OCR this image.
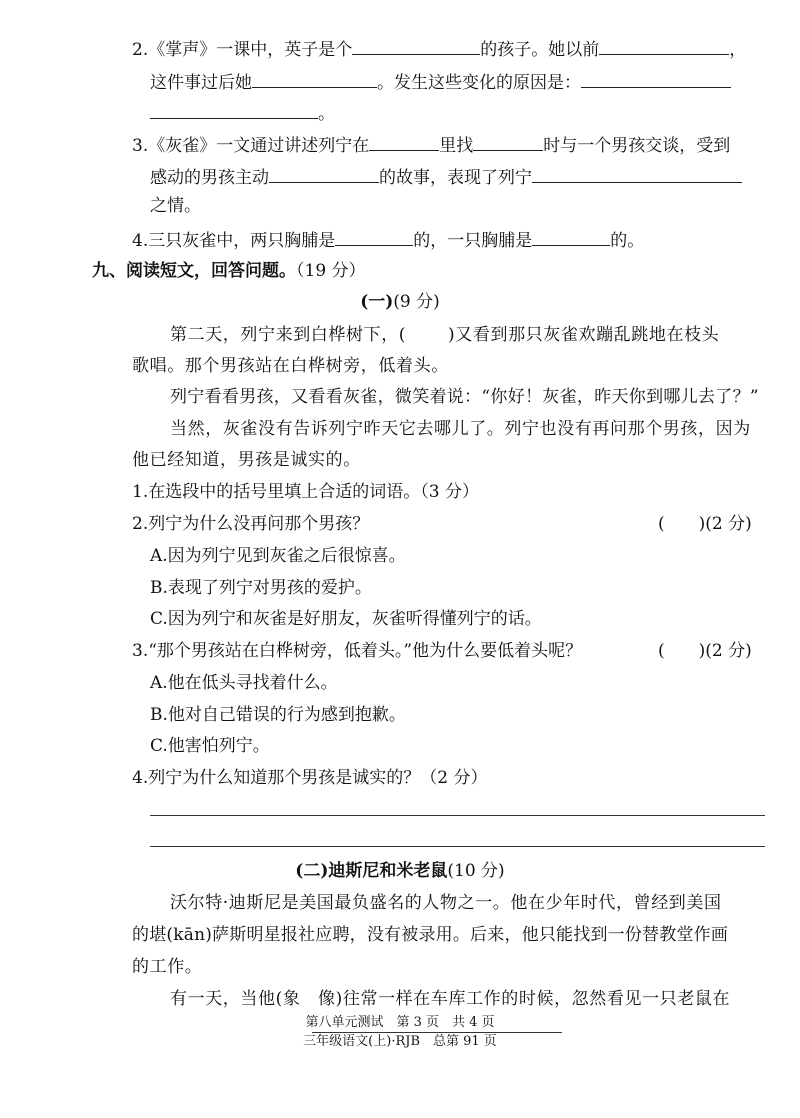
2.《掌声》一课中，英子是个	的孩子。她以前	，
这件事过后她	。发生这些变化的原因是：
。
3.《灰雀》一文通过讲述列宁在	里找	时与一个男孩交谈，受到
感动的男孩主动	的故事，表现了列宁
之情。
4.三只灰雀中，两只胸脯是	的，一只胸脯是	的。
九、阅读短文，回答问题。（19 分）
(一)(9 分)
第二天，列宁来到白桦树下，( )又看到那只灰雀欢蹦乱跳地在枝头
歌唱。那个男孩站在白桦树旁，低着头。
列宁看看男孩，又看看灰雀，微笑着说：“你好！灰雀，昨天你到哪儿去了？”
当然，灰雀没有告诉列宁昨天它去哪儿了。列宁也没有再问那个男孩，因为
他已经知道，男孩是诚实的。
1.在选段中的括号里填上合适的词语。（3 分）
2.列宁为什么没再问那个男孩？	(　　)(2 分)
A.因为列宁见到灰雀之后很惊喜。
B.表现了列宁对男孩的爱护。
C.因为列宁和灰雀是好朋友，灰雀听得懂列宁的话。
3.“那个男孩站在白桦树旁，低着头。”他为什么要低着头呢？	(　　)(2 分)
A.他在低头寻找着什么。
B.他对自己错误的行为感到抱歉。
C.他害怕列宁。
4.列宁为什么知道那个男孩是诚实的？（2 分）
(二)迪斯尼和米老鼠(10 分)
沃尔特·迪斯尼是美国最负盛名的人物之一。他在少年时代，曾经到美国
的堪(kān)萨斯明星报社应聘，没有被录用。后来，他只能找到一份替教堂作画
的工作。
有一天，当他(象　像)往常一样在车库工作的时候，忽然看见一只老鼠在
第八单元测试　第 3 页　共 4 页
三年级语文(上)·RJB　总第 91 页
